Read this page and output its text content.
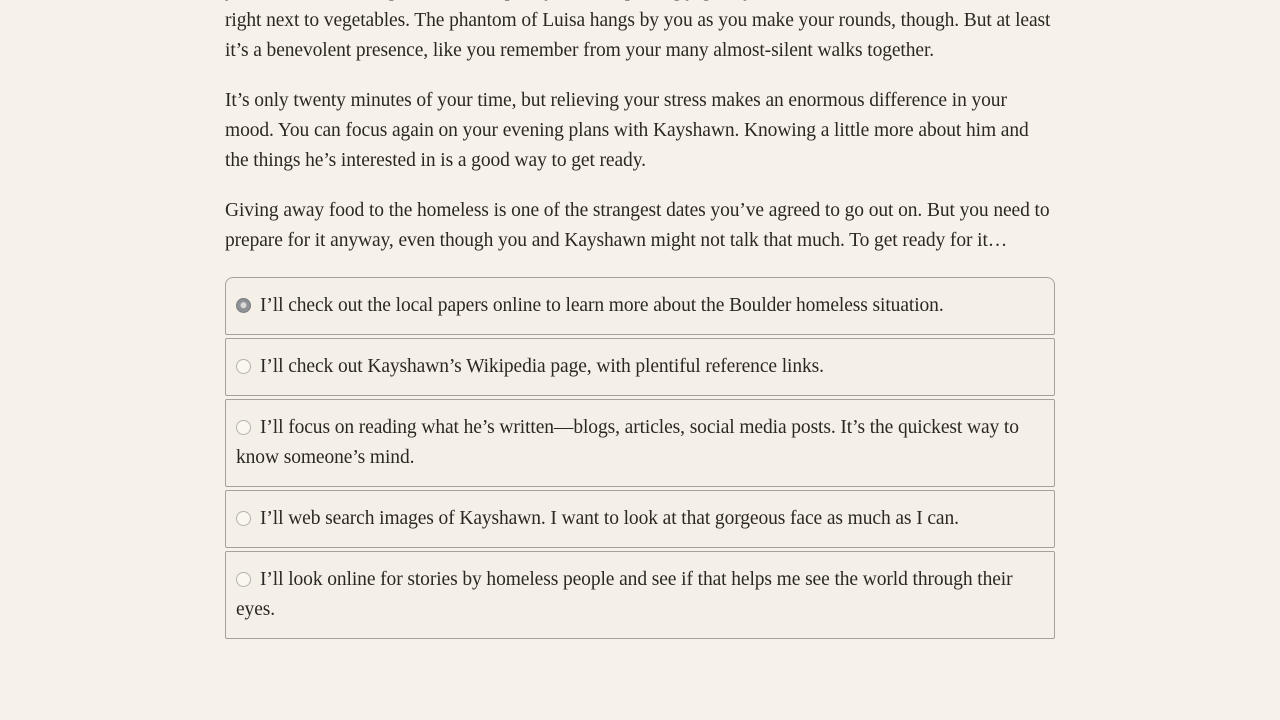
right next to vegetables. The phantom of Luisa hangs by you as you make your rounds, though. But at least it’s a benevolent presence, like you remember from your many almost-silent walks together.

It’s only twenty minutes of your time, but relieving your stress makes an enormous difference in your mood. You can focus again on your evening plans with Kayshawn. Knowing a little more about him and the things he’s interested in is a good way to get ready.

Giving away food to the homeless is one of the strangest dates you’ve agreed to go out on. But you need to prepare for it anyway, even though you and Kayshawn might not talk that much. To get ready for it…

I’ll check out the local papers online to learn more about the Boulder homeless situation.
I’ll check out Kayshawn’s Wikipedia page, with plentiful reference links.
I’ll focus on reading what he’s written—blogs, articles, social media posts. It’s the quickest way to know someone’s mind.
I’ll web search images of Kayshawn. I want to look at that gorgeous face as much as I can.
I’ll look online for stories by homeless people and see if that helps me see the world through their eyes.
